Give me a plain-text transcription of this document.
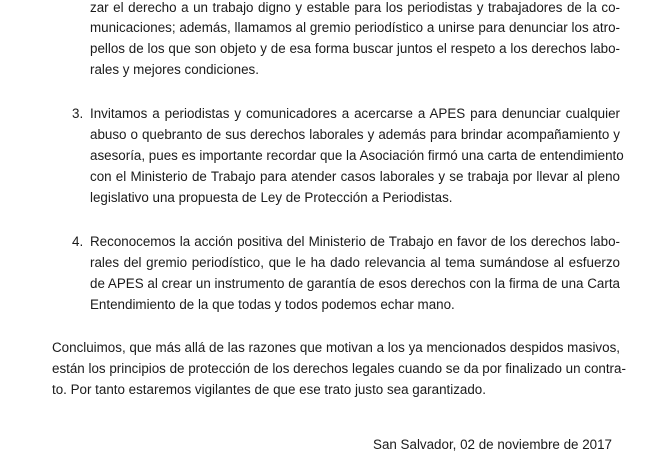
zar el derecho a un trabajo digno y estable para los periodistas y trabajadores de la co-
municaciones; además, llamamos al gremio periodístico a unirse para denunciar los atro-
pellos de los que son objeto y de esa forma buscar juntos el respeto a los derechos labo-
rales y mejores condiciones.
3. Invitamos a periodistas y comunicadores a acercarse a APES para denunciar cualquier
abuso o quebranto de sus derechos laborales y además para brindar acompañamiento y
asesoría, pues es importante recordar que la Asociación firmó una carta de entendimiento
con el Ministerio de Trabajo para atender casos laborales y se trabaja por llevar al pleno
legislativo una propuesta de Ley de Protección a Periodistas.
4. Reconocemos la acción positiva del Ministerio de Trabajo en favor de los derechos labo-
rales del gremio periodístico, que le ha dado relevancia al tema sumándose al esfuerzo
de APES al crear un instrumento de garantía de esos derechos con la firma de una Carta
Entendimiento de la que todas y todos podemos echar mano.
Concluimos, que más allá de las razones que motivan a los ya mencionados despidos masivos,
están los principios de protección de los derechos legales cuando se da por finalizado un contra-
to. Por tanto estaremos vigilantes de que ese trato justo sea garantizado.
San Salvador, 02 de noviembre de 2017
